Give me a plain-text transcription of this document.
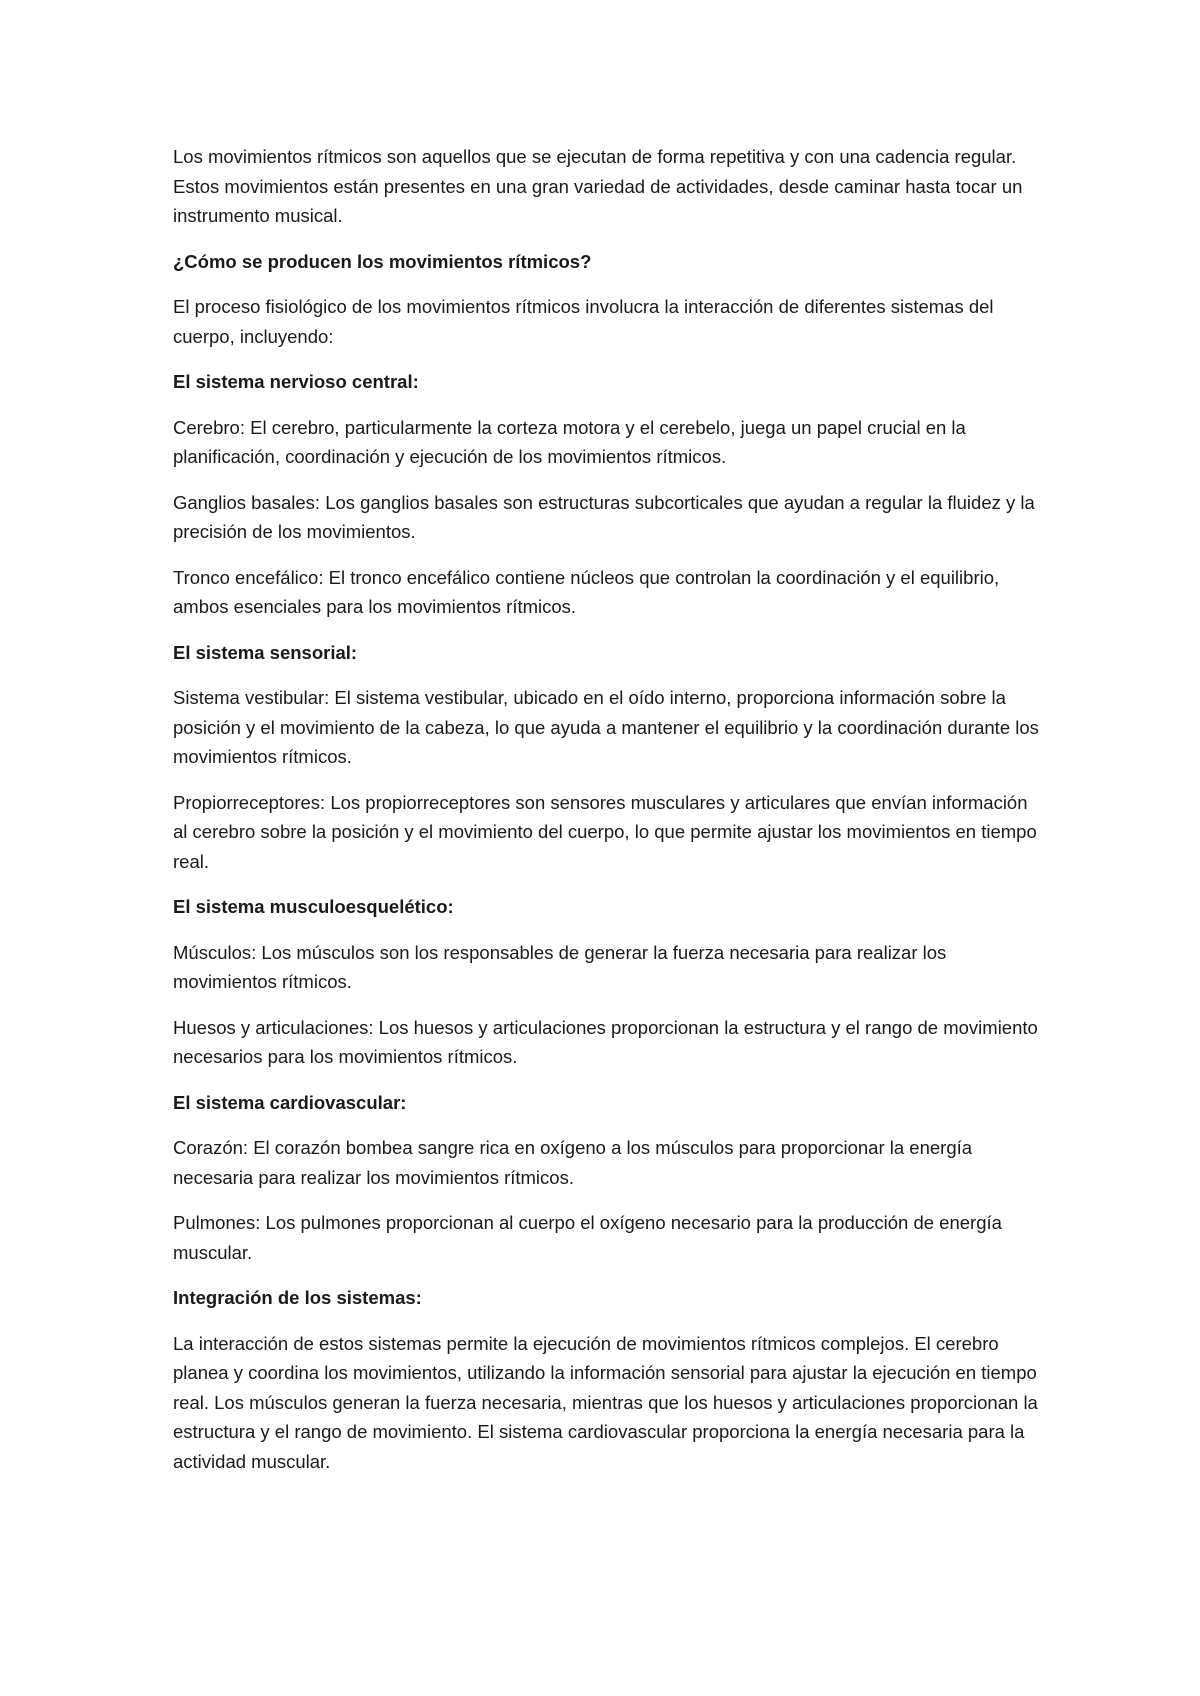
Los movimientos rítmicos son aquellos que se ejecutan de forma repetitiva y con una cadencia regular. Estos movimientos están presentes en una gran variedad de actividades, desde caminar hasta tocar un instrumento musical.

¿Cómo se producen los movimientos rítmicos?

El proceso fisiológico de los movimientos rítmicos involucra la interacción de diferentes sistemas del cuerpo, incluyendo:

El sistema nervioso central:

Cerebro: El cerebro, particularmente la corteza motora y el cerebelo, juega un papel crucial en la planificación, coordinación y ejecución de los movimientos rítmicos.

Ganglios basales: Los ganglios basales son estructuras subcorticales que ayudan a regular la fluidez y la precisión de los movimientos.

Tronco encefálico: El tronco encefálico contiene núcleos que controlan la coordinación y el equilibrio, ambos esenciales para los movimientos rítmicos.

El sistema sensorial:

Sistema vestibular: El sistema vestibular, ubicado en el oído interno, proporciona información sobre la posición y el movimiento de la cabeza, lo que ayuda a mantener el equilibrio y la coordinación durante los movimientos rítmicos.

Propiorreceptores: Los propiorreceptores son sensores musculares y articulares que envían información al cerebro sobre la posición y el movimiento del cuerpo, lo que permite ajustar los movimientos en tiempo real.

El sistema musculoesquelético:

Músculos: Los músculos son los responsables de generar la fuerza necesaria para realizar los movimientos rítmicos.

Huesos y articulaciones: Los huesos y articulaciones proporcionan la estructura y el rango de movimiento necesarios para los movimientos rítmicos.

El sistema cardiovascular:

Corazón: El corazón bombea sangre rica en oxígeno a los músculos para proporcionar la energía necesaria para realizar los movimientos rítmicos.

Pulmones: Los pulmones proporcionan al cuerpo el oxígeno necesario para la producción de energía muscular.

Integración de los sistemas:

La interacción de estos sistemas permite la ejecución de movimientos rítmicos complejos. El cerebro planea y coordina los movimientos, utilizando la información sensorial para ajustar la ejecución en tiempo real. Los músculos generan la fuerza necesaria, mientras que los huesos y articulaciones proporcionan la estructura y el rango de movimiento. El sistema cardiovascular proporciona la energía necesaria para la actividad muscular.
